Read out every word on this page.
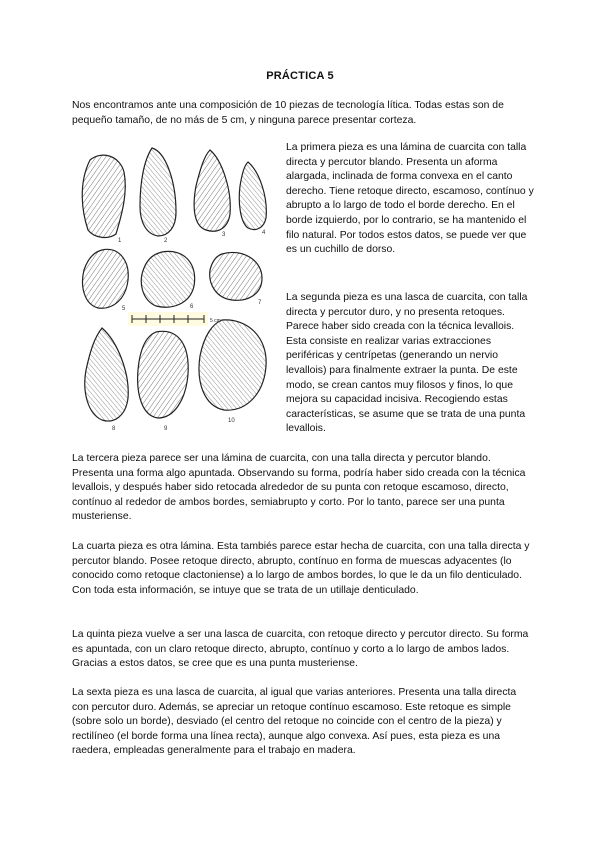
PRÁCTICA 5

Nos encontramos ante una composición de 10 piezas de tecnología lítica. Todas estas son de pequeño tamaño, de no más de 5 cm, y ninguna parece presentar corteza.

1	2
3	4
5	6
7
8	9
10
5 cm

La primera pieza es una lámina de cuarcita con talla directa y percutor blando. Presenta un aforma alargada, inclinada de forma convexa en el canto derecho. Tiene retoque directo, escamoso, contínuo y abrupto a lo largo de todo el borde derecho. En el borde izquierdo, por lo contrario, se ha mantenido el filo natural. Por todos estos datos, se puede ver que es un cuchillo de dorso.

La segunda pieza es una lasca de cuarcita, con talla directa y percutor duro, y no presenta retoques. Parece haber sido creada con la técnica levallois. Esta consiste en realizar varias extracciones periféricas y centrípetas (generando un nervio levallois) para finalmente extraer la punta. De este modo, se crean cantos muy filosos y finos, lo que mejora su capacidad incisiva. Recogiendo estas características, se asume que se trata de una punta levallois.

La tercera pieza parece ser una lámina de cuarcita, con una talla directa y percutor blando. Presenta una forma algo apuntada. Observando su forma, podría haber sido creada con la técnica levallois, y después haber sido retocada alrededor de su punta con retoque escamoso, directo, contínuo al rededor de ambos bordes, semiabrupto y corto. Por lo tanto, parece ser una punta musteriense.

La cuarta pieza es otra lámina. Esta tambiés parece estar hecha de cuarcita, con una talla directa y percutor blando. Posee retoque directo, abrupto, contínuo en forma de muescas adyacentes (lo conocido como retoque clactoniense) a lo largo de ambos bordes, lo que le da un filo denticulado. Con toda esta información, se intuye que se trata de un utillaje denticulado.

La quinta pieza vuelve a ser una lasca de cuarcita, con retoque directo y percutor directo. Su forma es apuntada, con un claro retoque directo, abrupto, contínuo y corto a lo largo de ambos lados. Gracias a estos datos, se cree que es una punta musteriense.

La sexta pieza es una lasca de cuarcita, al igual que varias anteriores. Presenta una talla directa con percutor duro. Además, se apreciar un retoque contínuo escamoso. Este retoque es simple (sobre solo un borde), desviado (el centro del retoque no coincide con el centro de la pieza) y rectilíneo (el borde forma una línea recta), aunque algo convexa. Así pues, esta pieza es una raedera, empleadas generalmente para el trabajo en madera.
